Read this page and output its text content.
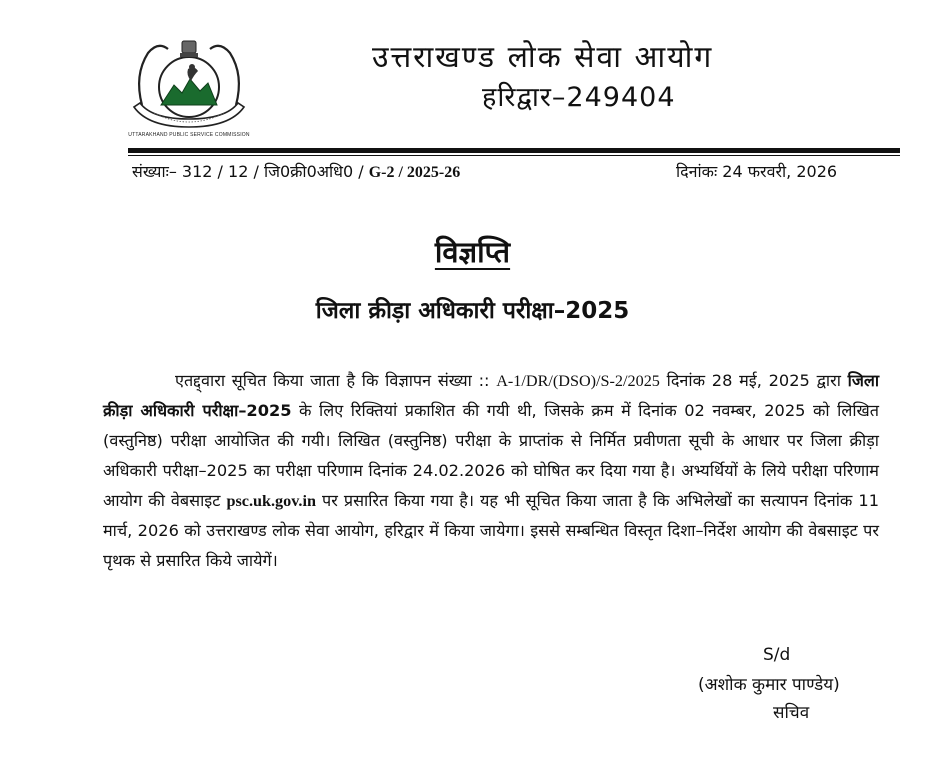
UTTARAKHAND PUBLIC SERVICE COMMISSION
उत्तराखण्ड लोक सेवा आयोग
हरिद्वार–249404
संख्याः– 312 / 12 / जि0क्री0अधि0 / G-2 / 2025-26	दिनांकः 24 फरवरी, 2026
विज्ञप्ति
जिला क्रीड़ा अधिकारी परीक्षा–2025

एतद्द्वारा सूचित किया जाता है कि विज्ञापन संख्या :: A-1/DR/(DSO)/S-2/2025 दिनांक 28 मई, 2025 द्वारा जिला क्रीड़ा अधिकारी परीक्षा–2025 के लिए रिक्तियां प्रकाशित की गयी थी, जिसके क्रम में दिनांक 02 नवम्बर, 2025 को लिखित (वस्तुनिष्ठ) परीक्षा आयोजित की गयी। लिखित (वस्तुनिष्ठ) परीक्षा के प्राप्तांक से निर्मित प्रवीणता सूची के आधार पर जिला क्रीड़ा अधिकारी परीक्षा–2025 का परीक्षा परिणाम दिनांक 24.02.2026 को घोषित कर दिया गया है। अभ्यर्थियों के लिये परीक्षा परिणाम आयोग की वेबसाइट psc.uk.gov.in पर प्रसारित किया गया है। यह भी सूचित किया जाता है कि अभिलेखों का सत्यापन दिनांक 11 मार्च, 2026 को उत्तराखण्ड लोक सेवा आयोग, हरिद्वार में किया जायेगा। इससे सम्बन्धित विस्तृत दिशा–निर्देश आयोग की वेबसाइट पर पृथक से प्रसारित किये जायेगें।

S/d
(अशोक कुमार पाण्डेय)
सचिव
